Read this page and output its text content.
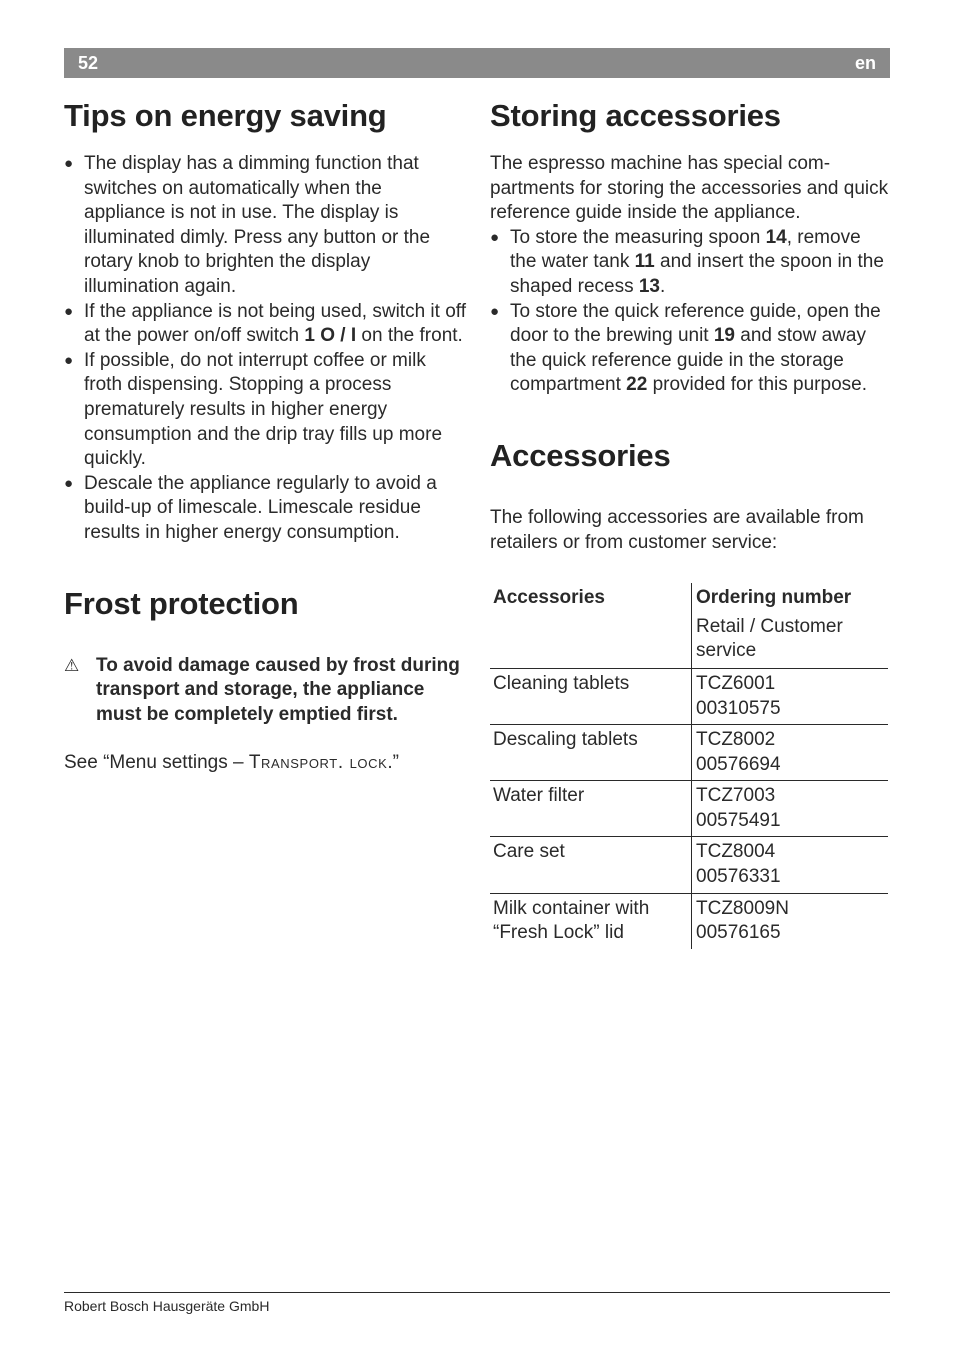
52	en
Tips on energy saving
● The display has a dimming function that switches on automatically when the appliance is not in use. The display is illuminated dimly. Press any button or the rotary knob to brighten the display illumination again.
● If the appliance is not being used, switch it off at the power on/off switch 1 O / I on the front.
● If possible, do not interrupt coffee or milk froth dispensing. Stopping a process prematurely results in higher energy consumption and the drip tray fills up more quickly.
● Descale the appliance regularly to avoid a build-up of limescale. Limescale residue results in higher energy consumption.
Frost protection
⚠ To avoid damage caused by frost during transport and storage, the appliance must be completely emptied first.
See “Menu settings – Transport. lock.”
Storing accessories
The espresso machine has special compartments for storing the accessories and quick reference guide inside the appliance.
● To store the measuring spoon 14, remove the water tank 11 and insert the spoon in the shaped recess 13.
● To store the quick reference guide, open the door to the brewing unit 19 and stow away the quick reference guide in the storage compartment 22 provided for this purpose.
Accessories
The following accessories are available from retailers or from customer service:
Accessories	Ordering number
Retail / Customer service

Cleaning tablets	TCZ6001
00310575

Descaling tablets	TCZ8002
00576694

Water filter	TCZ7003
00575491

Care set	TCZ8004
00576331

Milk container with “Fresh Lock” lid	TCZ8009N
00576165
Robert Bosch Hausgeräte GmbH
